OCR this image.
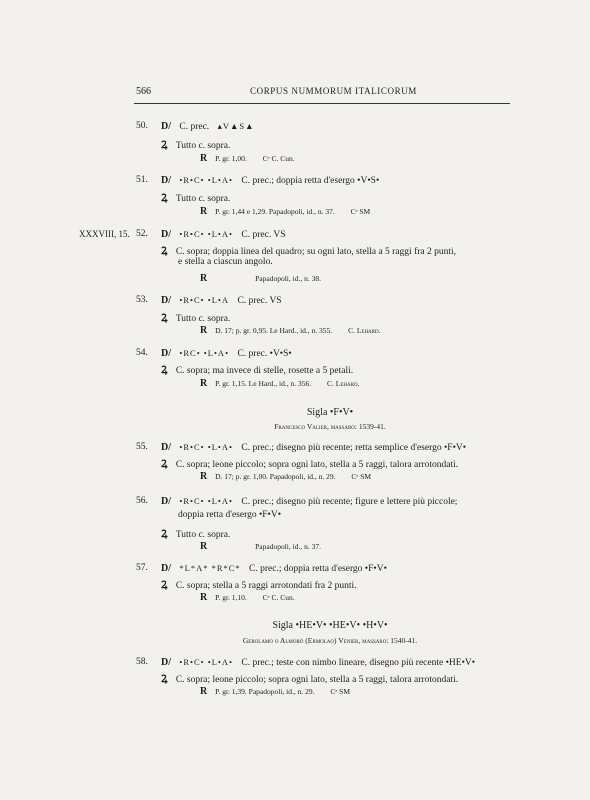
566	CORPUS NUMMORUM ITALICORUM
50. D/ C. prec. ▴V▲S▲
Ꝝ Tutto c. sopra.
R P. gr. 1,00. Cᵉ C. Cun.
51. D/ •R•C• •L•A• C. prec.; doppia retta d'esergo •V•S•
Ꝝ Tutto c. sopra.
R P. gr. 1,44 e 1,29. Papadopoli, id., n. 37. Cᵉ SM
XXXVIII, 15. 52. D/ •R•C• •L•A• C. prec. VS
Ꝝ C. sopra; doppia linea del quadro; su ogni lato, stella a 5 raggi fra 2 punti,
e stella a ciascun angolo.
R	Papadopoli, id., n. 38.
53. D/ •R•C• •L•A C. prec. VS
Ꝝ Tutto c. sopra.
R D. 17; p. gr. 0,95. Le Hard., id., n. 355. C. Lehard.
54. D/ •RC• •L•A• C. prec. •V•S•
Ꝝ C. sopra; ma invece di stelle, rosette a 5 petali.
R P. gr. 1,15. Le Hard., id., n. 356. C. Lehard.
Sigla •F•V•
Francesco Valier, massaro: 1539-41.
55. D/ •R•C• •L•A• C. prec.; disegno più recente; retta semplice d'esergo •F•V•
Ꝝ C. sopra; leone piccolo; sopra ogni lato, stella a 5 raggi, talora arrotondati.
R D. 17; p. gr. 1,00. Papadopoli, id., n. 29. Cᵉ SM
56. D/ •R•C• •L•A• C. prec.; disegno più recente; figure e lettere più piccole;
doppia retta d'esergo •F•V•
Ꝝ Tutto c. sopra.
R	Papadopoli, id., n. 37.
57. D/ *L*A* *R*C* C. prec.; doppia retta d'esergo •F•V•
Ꝝ C. sopra; stella a 5 raggi arrotondati fra 2 punti.
R P. gr. 1,10. Cᵉ C. Cun.
Sigla •HE•V• •HE•V• •H•V•
Gerolamo o Almorò (Ermolao) Venier, massaro: 1540-41.
58. D/ •R•C• •L•A• C. prec.; teste con nimbo lineare, disegno più recente •HE•V•
Ꝝ C. sopra; leone piccolo; sopra ogni lato, stella a 5 raggi, talora arrotondati.
R P. gr. 1,39. Papadopoli, id., n. 29. Cᵉ SM
